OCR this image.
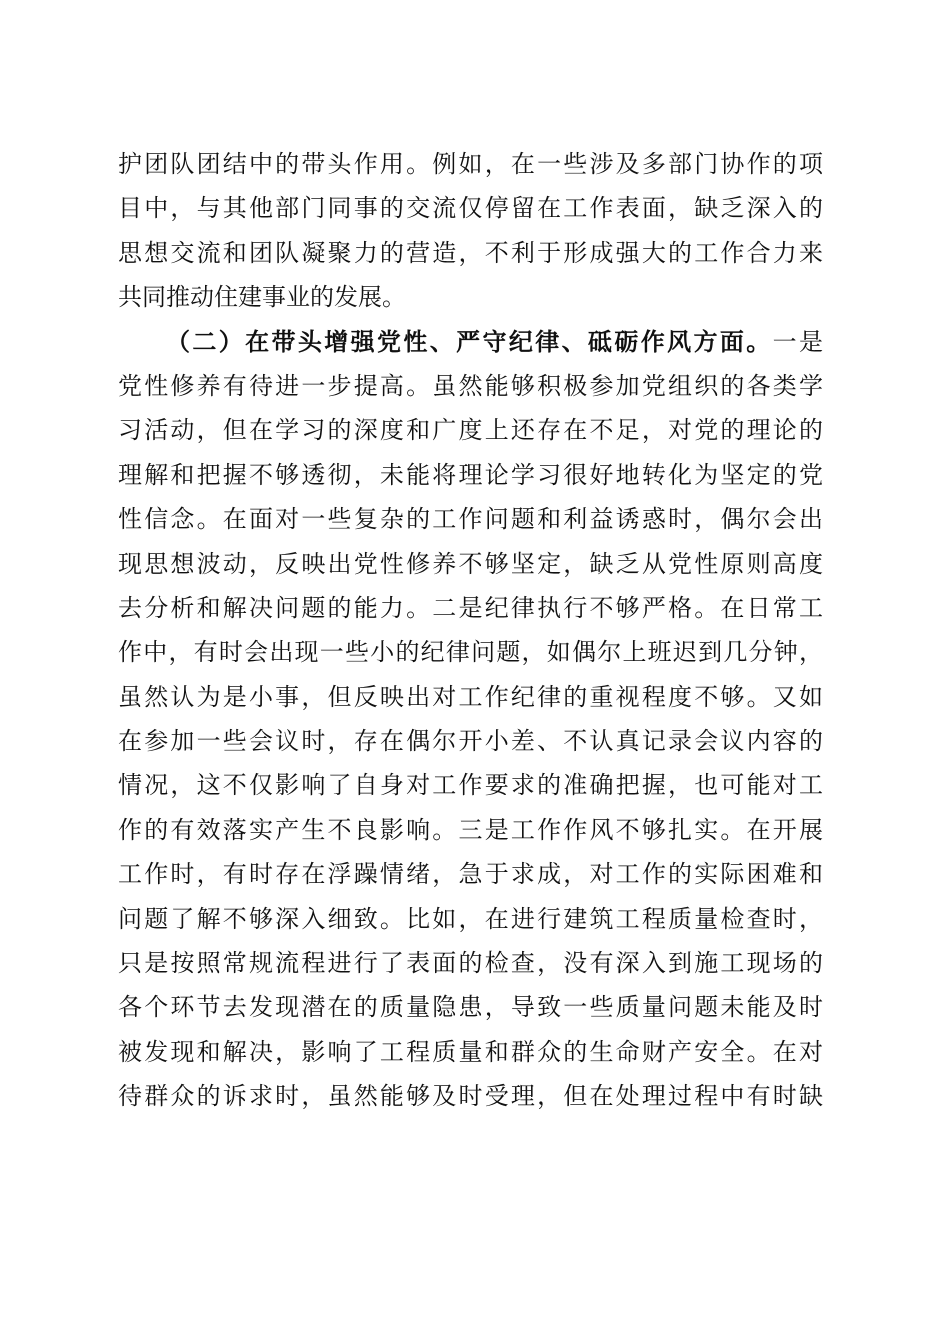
护团队团结中的带头作用。例如，在一些涉及多部门协作的项
目中，与其他部门同事的交流仅停留在工作表面，缺乏深入的
思想交流和团队凝聚力的营造，不利于形成强大的工作合力来
共同推动住建事业的发展。
（二）在带头增强党性、严守纪律、砥砺作风方面。一是
党性修养有待进一步提高。虽然能够积极参加党组织的各类学
习活动，但在学习的深度和广度上还存在不足，对党的理论的
理解和把握不够透彻，未能将理论学习很好地转化为坚定的党
性信念。在面对一些复杂的工作问题和利益诱惑时，偶尔会出
现思想波动，反映出党性修养不够坚定，缺乏从党性原则高度
去分析和解决问题的能力。二是纪律执行不够严格。在日常工
作中，有时会出现一些小的纪律问题，如偶尔上班迟到几分钟，
虽然认为是小事，但反映出对工作纪律的重视程度不够。又如
在参加一些会议时，存在偶尔开小差、不认真记录会议内容的
情况，这不仅影响了自身对工作要求的准确把握，也可能对工
作的有效落实产生不良影响。三是工作作风不够扎实。在开展
工作时，有时存在浮躁情绪，急于求成，对工作的实际困难和
问题了解不够深入细致。比如，在进行建筑工程质量检查时，
只是按照常规流程进行了表面的检查，没有深入到施工现场的
各个环节去发现潜在的质量隐患，导致一些质量问题未能及时
被发现和解决，影响了工程质量和群众的生命财产安全。在对
待群众的诉求时，虽然能够及时受理，但在处理过程中有时缺
